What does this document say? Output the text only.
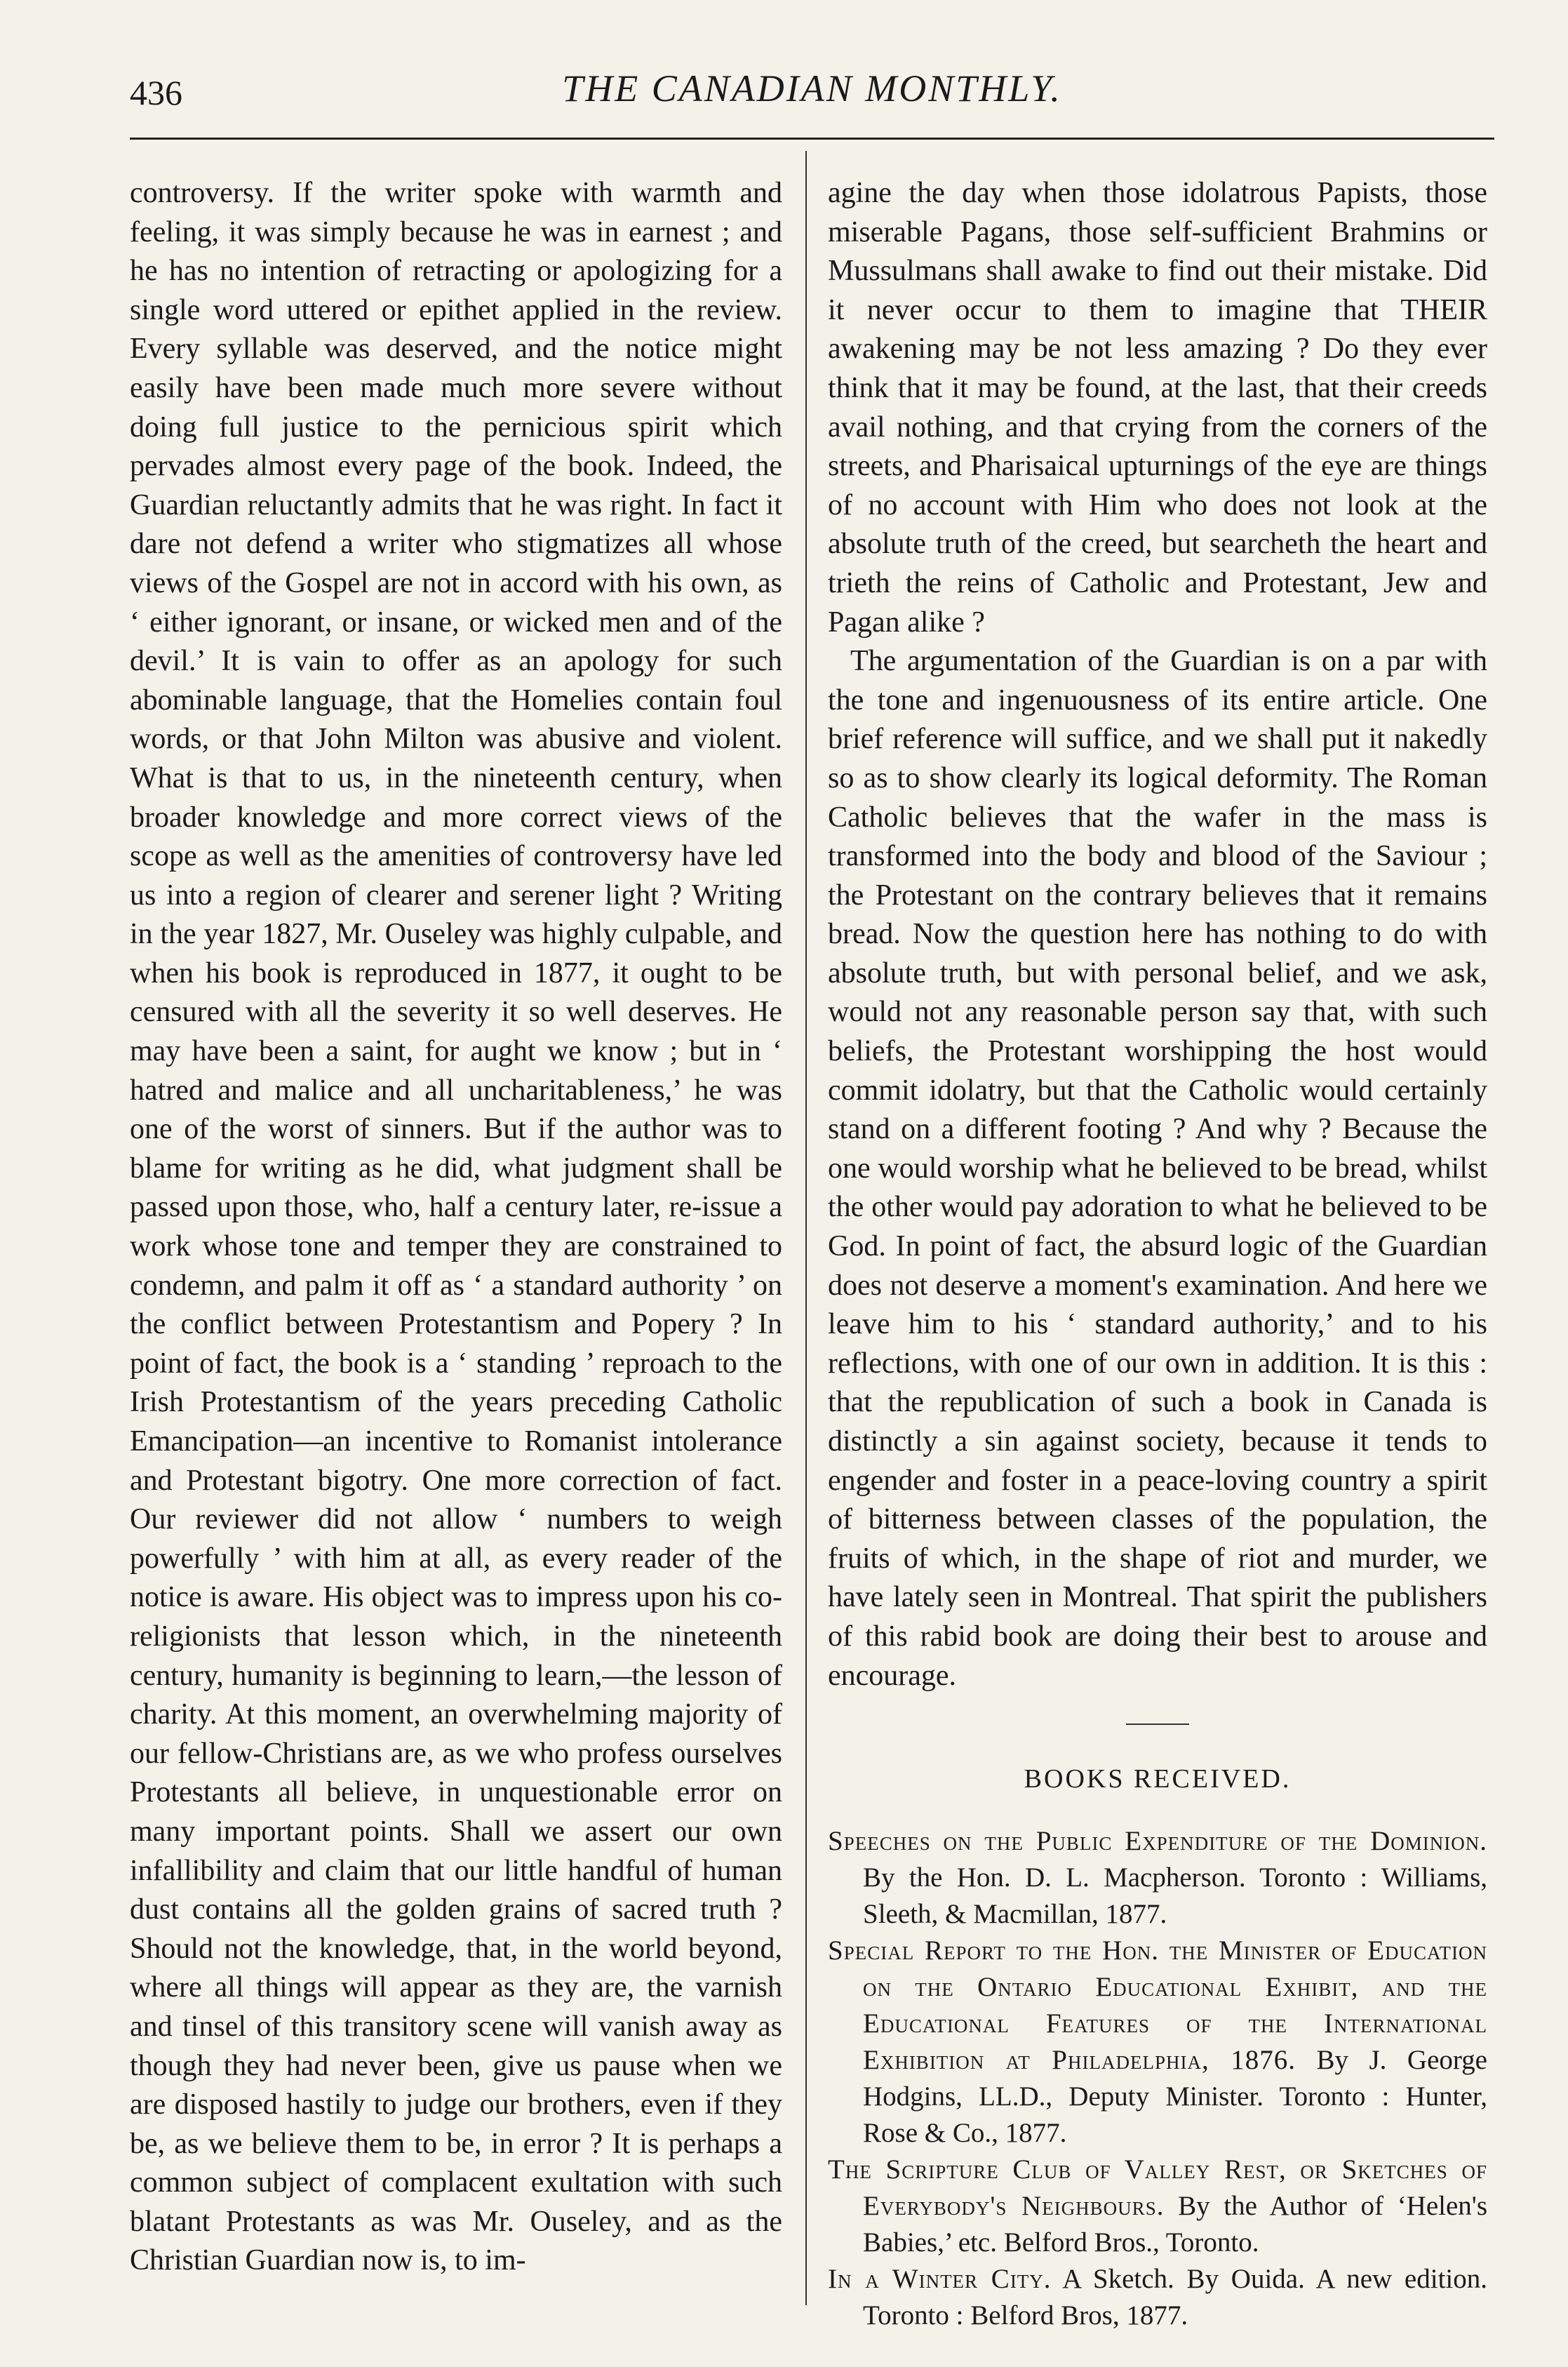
436	THE CANADIAN MONTHLY.

controversy. If the writer spoke with warmth and feeling, it was simply because he was in earnest ; and he has no intention of retracting or apologizing for a single word uttered or epithet applied in the review. Every syllable was deserved, and the notice might easily have been made much more severe without doing full justice to the pernicious spirit which pervades almost every page of the book. Indeed, the Guardian reluctantly admits that he was right. In fact it dare not defend a writer who stigmatizes all whose views of the Gospel are not in accord with his own, as ‘ either ignorant, or insane, or wicked men and of the devil.’ It is vain to offer as an apology for such abominable language, that the Homelies contain foul words, or that John Milton was abusive and violent. What is that to us, in the nineteenth century, when broader knowledge and more correct views of the scope as well as the amenities of controversy have led us into a region of clearer and serener light ? Writing in the year 1827, Mr. Ouseley was highly culpable, and when his book is reproduced in 1877, it ought to be censured with all the severity it so well deserves. He may have been a saint, for aught we know ; but in ‘ hatred and malice and all uncharitableness,’ he was one of the worst of sinners. But if the author was to blame for writing as he did, what judgment shall be passed upon those, who, half a century later, re-issue a work whose tone and temper they are constrained to condemn, and palm it off as ‘ a standard authority ’ on the conflict between Protestantism and Popery ? In point of fact, the book is a ‘ standing ’ reproach to the Irish Protestantism of the years preceding Catholic Emancipation—an incentive to Romanist intolerance and Protestant bigotry. One more correction of fact. Our reviewer did not allow ‘ numbers to weigh powerfully ’ with him at all, as every reader of the notice is aware. His object was to impress upon his co-religionists that lesson which, in the nineteenth century, humanity is beginning to learn,—the lesson of charity. At this moment, an overwhelming majority of our fellow-Christians are, as we who profess ourselves Protestants all believe, in unquestionable error on many important points. Shall we assert our own infallibility and claim that our little handful of human dust contains all the golden grains of sacred truth ? Should not the knowledge, that, in the world beyond, where all things will appear as they are, the varnish and tinsel of this transitory scene will vanish away as though they had never been, give us pause when we are disposed hastily to judge our brothers, even if they be, as we believe them to be, in error ? It is perhaps a common subject of complacent exultation with such blatant Protestants as was Mr. Ouseley, and as the Christian Guardian now is, to im-

agine the day when those idolatrous Papists, those miserable Pagans, those self-sufficient Brahmins or Mussulmans shall awake to find out their mistake. Did it never occur to them to imagine that THEIR awakening may be not less amazing ? Do they ever think that it may be found, at the last, that their creeds avail nothing, and that crying from the corners of the streets, and Pharisaical upturnings of the eye are things of no account with Him who does not look at the absolute truth of the creed, but searcheth the heart and trieth the reins of Catholic and Protestant, Jew and Pagan alike ?

The argumentation of the Guardian is on a par with the tone and ingenuousness of its entire article. One brief reference will suffice, and we shall put it nakedly so as to show clearly its logical deformity. The Roman Catholic believes that the wafer in the mass is transformed into the body and blood of the Saviour ; the Protestant on the contrary believes that it remains bread. Now the question here has nothing to do with absolute truth, but with personal belief, and we ask, would not any reasonable person say that, with such beliefs, the Protestant worshipping the host would commit idolatry, but that the Catholic would certainly stand on a different footing ? And why ? Because the one would worship what he believed to be bread, whilst the other would pay adoration to what he believed to be God. In point of fact, the absurd logic of the Guardian does not deserve a moment's examination. And here we leave him to his ‘ standard authority,’ and to his reflections, with one of our own in addition. It is this : that the republication of such a book in Canada is distinctly a sin against society, because it tends to engender and foster in a peace-loving country a spirit of bitterness between classes of the population, the fruits of which, in the shape of riot and murder, we have lately seen in Montreal. That spirit the publishers of this rabid book are doing their best to arouse and encourage.

BOOKS RECEIVED.
Speeches on the Public Expenditure of the Dominion. By the Hon. D. L. Macpherson. Toronto : Williams, Sleeth, & Macmillan, 1877.
Special Report to the Hon. the Minister of Education on the Ontario Educational Exhibit, and the Educational Features of the International Exhibition at Philadelphia, 1876. By J. George Hodgins, LL.D., Deputy Minister. Toronto : Hunter, Rose & Co., 1877.
The Scripture Club of Valley Rest, or Sketches of Everybody's Neighbours. By the Author of ‘Helen's Babies,’ etc. Belford Bros., Toronto.
In a Winter City. A Sketch. By Ouida. A new edition. Toronto : Belford Bros, 1877.
